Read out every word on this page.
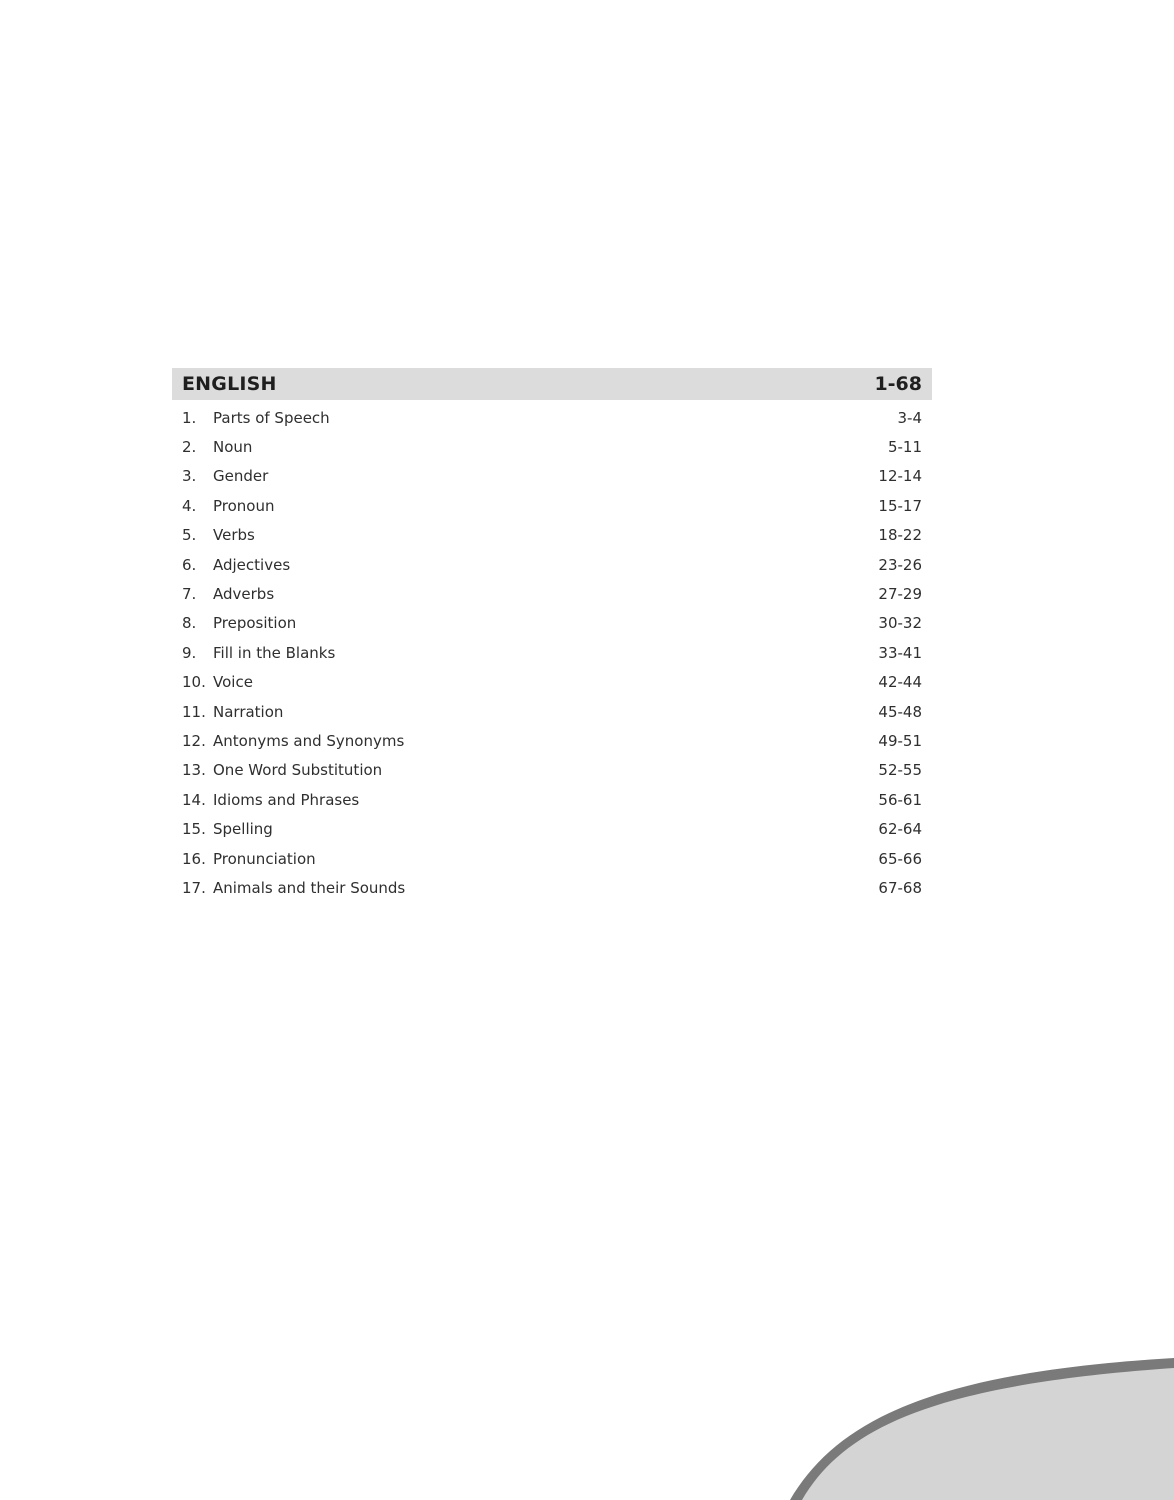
ENGLISH	1-68
1.	Parts of Speech	3-4
2.	Noun	5-11
3.	Gender	12-14
4.	Pronoun	15-17
5.	Verbs	18-22
6.	Adjectives	23-26
7.	Adverbs	27-29
8.	Preposition	30-32
9.	Fill in the Blanks	33-41
10. Voice	42-44
11. Narration	45-48
12. Antonyms and Synonyms	49-51
13. One Word Substitution	52-55
14. Idioms and Phrases	56-61
15. Spelling	62-64
16. Pronunciation	65-66
17. Animals and their Sounds	67-68
